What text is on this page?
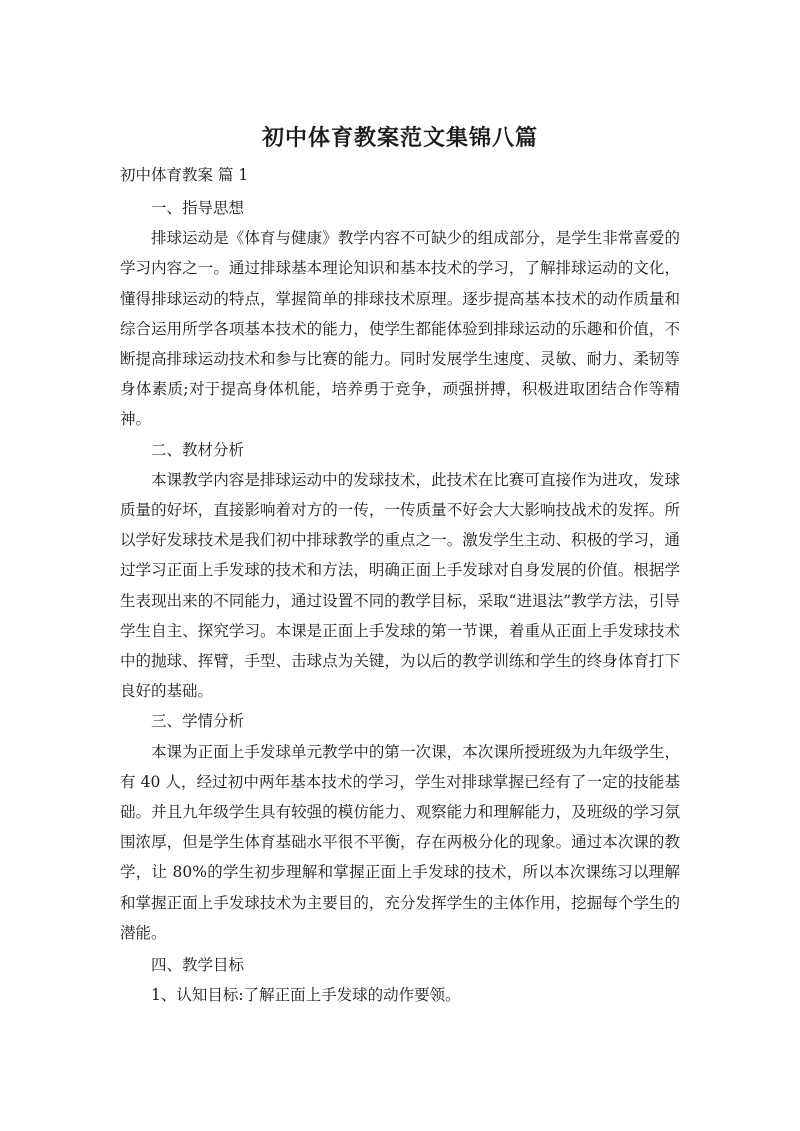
初中体育教案范文集锦八篇
初中体育教案 篇 1

一、指导思想

排球运动是《体育与健康》教学内容不可缺少的组成部分，是学生非常喜爱的学习内容之一。通过排球基本理论知识和基本技术的学习，了解排球运动的文化，懂得排球运动的特点，掌握简单的排球技术原理。逐步提高基本技术的动作质量和综合运用所学各项基本技术的能力，使学生都能体验到排球运动的乐趣和价值，不断提高排球运动技术和参与比赛的能力。同时发展学生速度、灵敏、耐力、柔韧等身体素质;对于提高身体机能，培养勇于竞争，顽强拼搏，积极进取团结合作等精神。

二、教材分析

本课教学内容是排球运动中的发球技术，此技术在比赛可直接作为进攻，发球质量的好坏，直接影响着对方的一传，一传质量不好会大大影响技战术的发挥。所以学好发球技术是我们初中排球教学的重点之一。激发学生主动、积极的学习，通过学习正面上手发球的技术和方法，明确正面上手发球对自身发展的价值。根据学生表现出来的不同能力，通过设置不同的教学目标，采取“进退法”教学方法，引导学生自主、探究学习。本课是正面上手发球的第一节课，着重从正面上手发球技术中的抛球、挥臂，手型、击球点为关键，为以后的教学训练和学生的终身体育打下良好的基础。

三、学情分析

本课为正面上手发球单元教学中的第一次课，本次课所授班级为九年级学生，有 40 人，经过初中两年基本技术的学习，学生对排球掌握已经有了一定的技能基础。并且九年级学生具有较强的模仿能力、观察能力和理解能力，及班级的学习氛围浓厚，但是学生体育基础水平很不平衡，存在两极分化的现象。通过本次课的教学，让 80%的学生初步理解和掌握正面上手发球的技术，所以本次课练习以理解和掌握正面上手发球技术为主要目的，充分发挥学生的主体作用，挖掘每个学生的潜能。

四、教学目标

1、认知目标:了解正面上手发球的动作要领。
